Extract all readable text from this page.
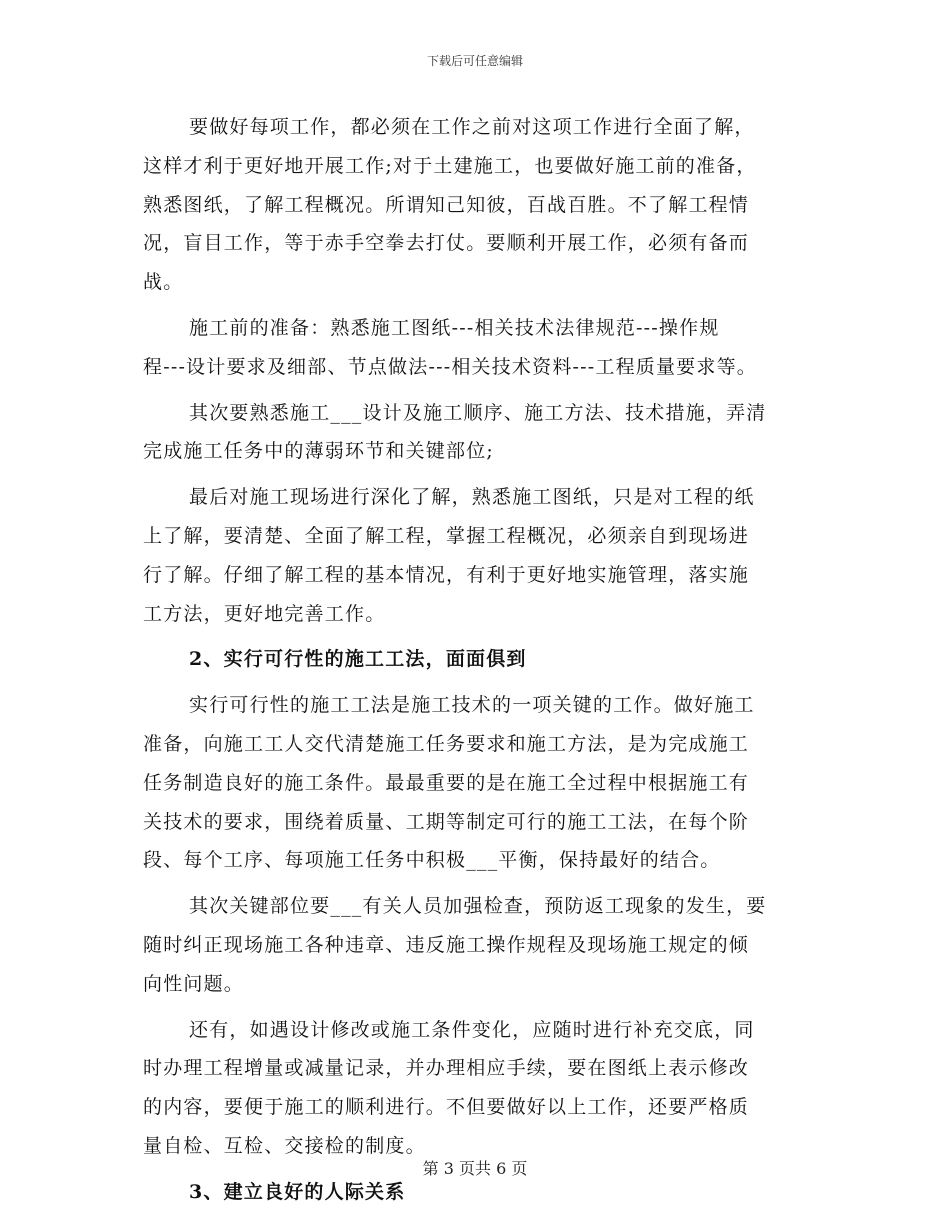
下载后可任意编辑
要做好每项工作，都必须在工作之前对这项工作进行全面了解，
这样才利于更好地开展工作;对于土建施工，也要做好施工前的准备，
熟悉图纸，了解工程概况。所谓知己知彼，百战百胜。不了解工程情
况，盲目工作，等于赤手空拳去打仗。要顺利开展工作，必须有备而
战。
施工前的准备：熟悉施工图纸---相关技术法律规范---操作规
程---设计要求及细部、节点做法---相关技术资料---工程质量要求等。
其次要熟悉施工___设计及施工顺序、施工方法、技术措施，弄清
完成施工任务中的薄弱环节和关键部位;
最后对施工现场进行深化了解，熟悉施工图纸，只是对工程的纸
上了解，要清楚、全面了解工程，掌握工程概况，必须亲自到现场进
行了解。仔细了解工程的基本情况，有利于更好地实施管理，落实施
工方法，更好地完善工作。
2、实行可行性的施工工法，面面俱到
实行可行性的施工工法是施工技术的一项关键的工作。做好施工
准备，向施工工人交代清楚施工任务要求和施工方法，是为完成施工
任务制造良好的施工条件。最最重要的是在施工全过程中根据施工有
关技术的要求，围绕着质量、工期等制定可行的施工工法，在每个阶
段、每个工序、每项施工任务中积极___平衡，保持最好的结合。
其次关键部位要___有关人员加强检查，预防返工现象的发生，要
随时纠正现场施工各种违章、违反施工操作规程及现场施工规定的倾
向性问题。
还有，如遇设计修改或施工条件变化，应随时进行补充交底，同
时办理工程增量或减量记录，并办理相应手续，要在图纸上表示修改
的内容，要便于施工的顺利进行。不但要做好以上工作，还要严格质
量自检、互检、交接检的制度。
3、建立良好的人际关系
第 3 页共 6 页
